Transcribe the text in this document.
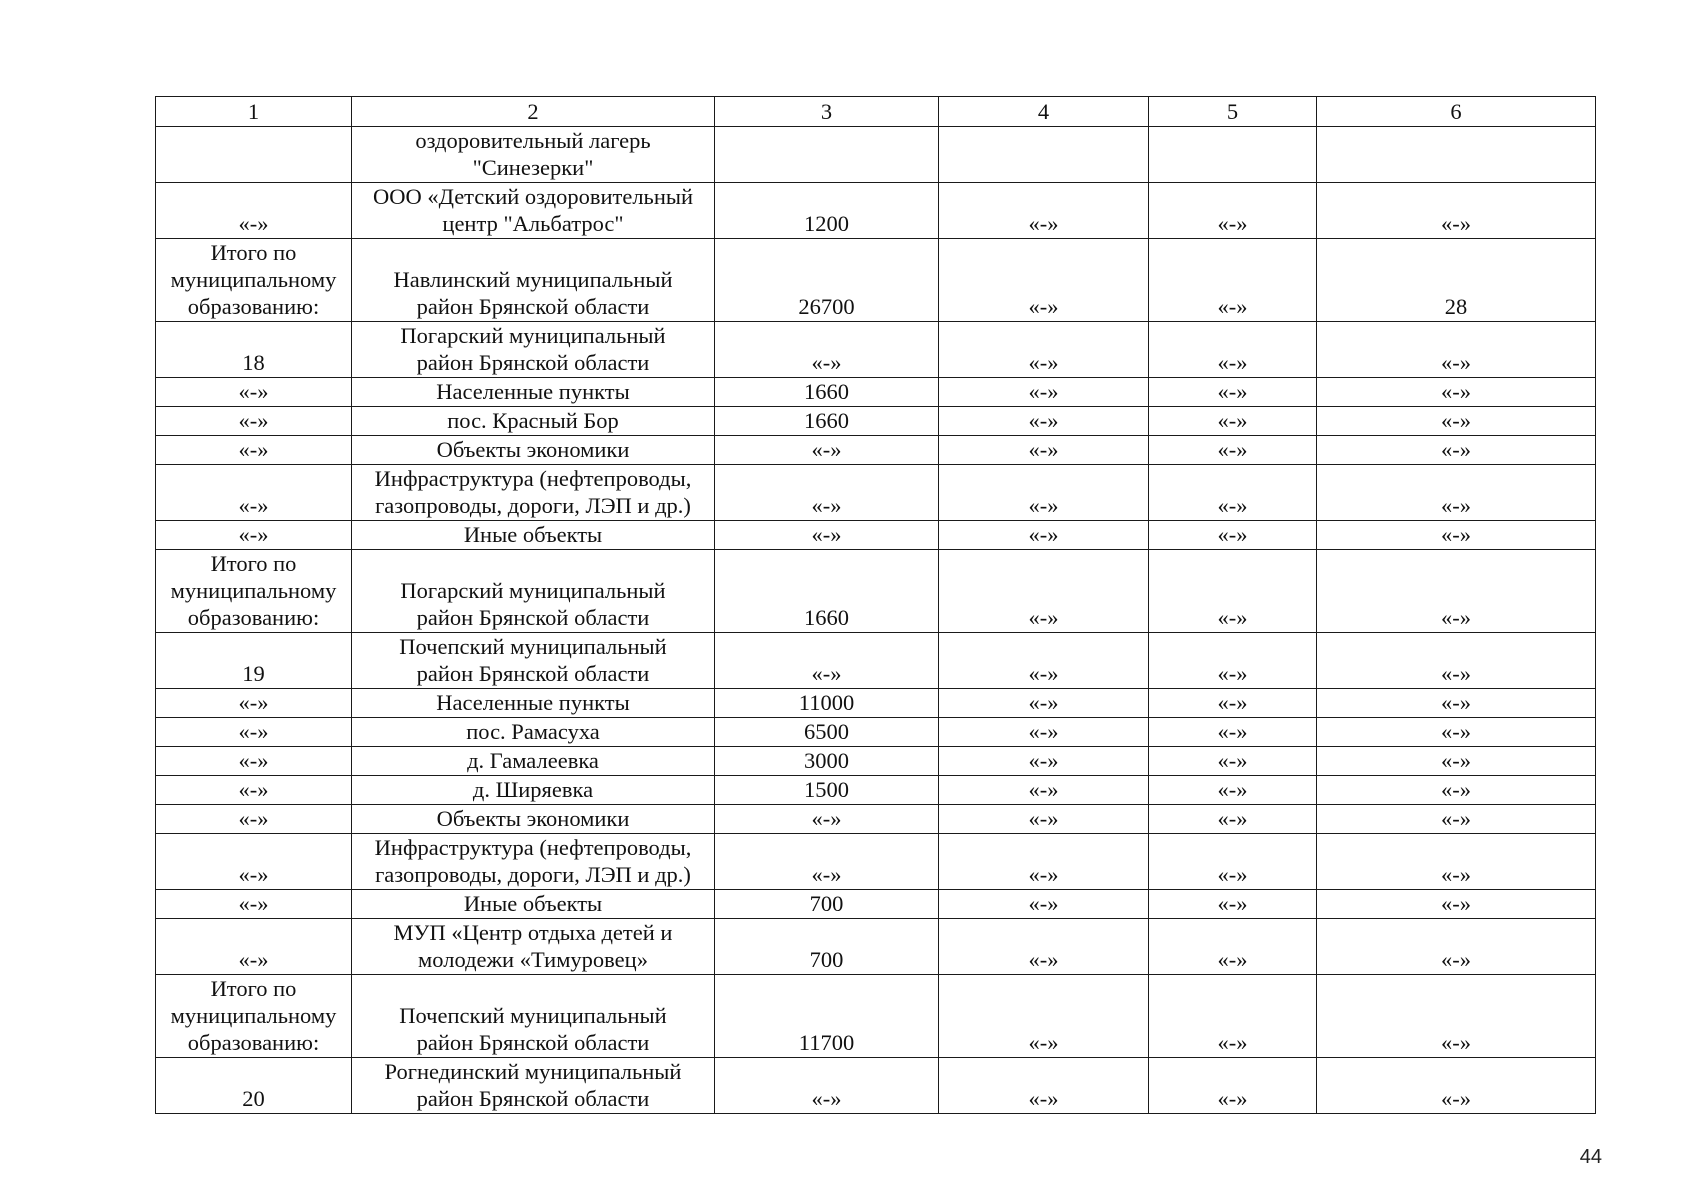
1	2	3	4	5	6
	оздоровительный лагерь
"Синезерки"				
«-»	ООО «Детский оздоровительный
центр "Альбатрос"	1200	«-»	«-»	«-»
Итого по
муниципальному
образованию:	Навлинский муниципальный
район Брянской области	26700	«-»	«-»	28
18	Погарский муниципальный
район Брянской области	«-»	«-»	«-»	«-»
«-»	Населенные пункты	1660	«-»	«-»	«-»
«-»	пос. Красный Бор	1660	«-»	«-»	«-»
«-»	Объекты экономики	«-»	«-»	«-»	«-»
«-»	Инфраструктура (нефтепроводы,
газопроводы, дороги, ЛЭП и др.)	«-»	«-»	«-»	«-»
«-»	Иные объекты	«-»	«-»	«-»	«-»
Итого по
муниципальному
образованию:	Погарский муниципальный
район Брянской области	1660	«-»	«-»	«-»
19	Почепский муниципальный
район Брянской области	«-»	«-»	«-»	«-»
«-»	Населенные пункты	11000	«-»	«-»	«-»
«-»	пос. Рамасуха	6500	«-»	«-»	«-»
«-»	д. Гамалеевка	3000	«-»	«-»	«-»
«-»	д. Ширяевка	1500	«-»	«-»	«-»
«-»	Объекты экономики	«-»	«-»	«-»	«-»
«-»	Инфраструктура (нефтепроводы,
газопроводы, дороги, ЛЭП и др.)	«-»	«-»	«-»	«-»
«-»	Иные объекты	700	«-»	«-»	«-»
«-»	МУП «Центр отдыха детей и
молодежи «Тимуровец»	700	«-»	«-»	«-»
Итого по
муниципальному
образованию:	Почепский муниципальный
район Брянской области	11700	«-»	«-»	«-»
20	Рогнединский муниципальный
район Брянской области	«-»	«-»	«-»	«-»
44
